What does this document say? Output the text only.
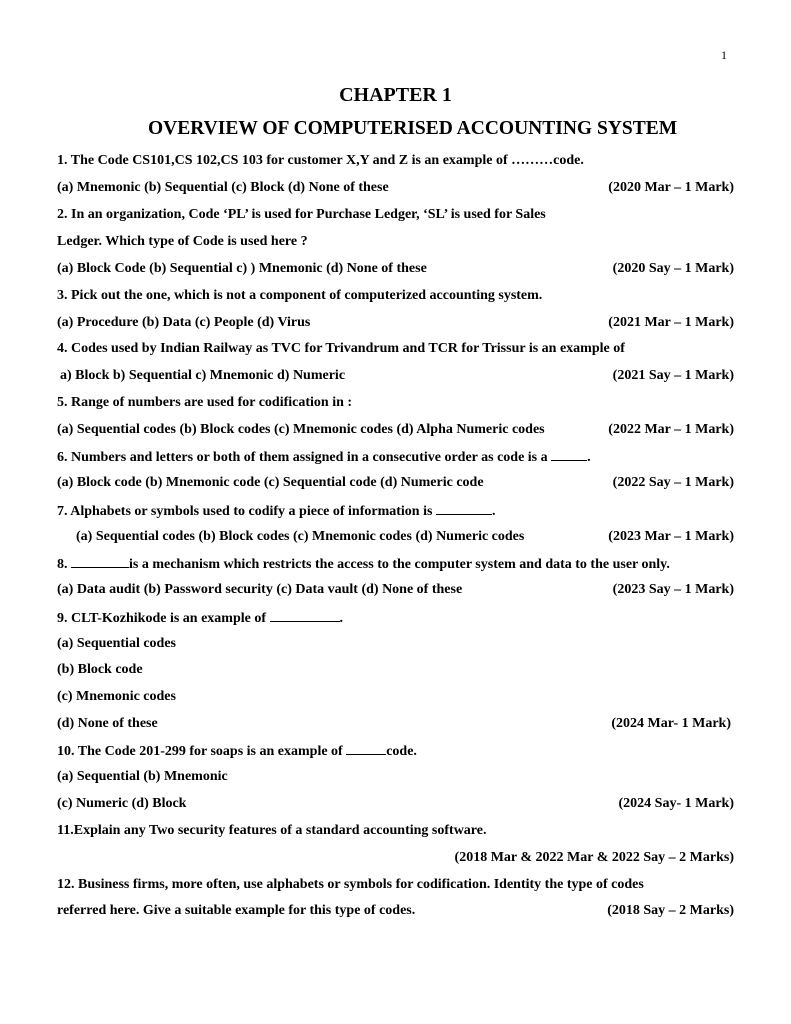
1
CHAPTER 1
OVERVIEW OF COMPUTERISED ACCOUNTING SYSTEM
1. The Code CS101,CS 102,CS 103 for customer X,Y and Z is an example of ………code.
(a) Mnemonic (b) Sequential (c) Block (d) None of these	(2020 Mar – 1 Mark)
2. In an organization, Code ‘PL’ is used for Purchase Ledger, ‘SL’ is used for Sales
Ledger. Which type of Code is used here ?
(a) Block Code (b) Sequential c) ) Mnemonic (d) None of these	(2020 Say – 1 Mark)
3. Pick out the one, which is not a component of computerized accounting system.
(a) Procedure (b) Data (c) People (d) Virus	(2021 Mar – 1 Mark)
4. Codes used by Indian Railway as TVC for Trivandrum and TCR for Trissur is an example of
a) Block b) Sequential c) Mnemonic d) Numeric	(2021 Say – 1 Mark)
5. Range of numbers are used for codification in :
(a) Sequential codes (b) Block codes (c) Mnemonic codes (d) Alpha Numeric codes	(2022 Mar – 1 Mark)
6. Numbers and letters or both of them assigned in a consecutive order as code is a	.
(a) Block code (b) Mnemonic code (c) Sequential code (d) Numeric code	(2022 Say – 1 Mark)
7. Alphabets or symbols used to codify a piece of information is	.
(a) Sequential codes (b) Block codes (c) Mnemonic codes (d) Numeric codes	(2023 Mar – 1 Mark)
8.	is a mechanism which restricts the access to the computer system and data to the user only.
(a) Data audit (b) Password security (c) Data vault (d) None of these	(2023 Say – 1 Mark)
9. CLT-Kozhikode is an example of	.
(a) Sequential codes
(b) Block code
(c) Mnemonic codes
(d) None of these	(2024 Mar- 1 Mark)
10. The Code 201-299 for soaps is an example of	code.
(a) Sequential (b) Mnemonic
(c) Numeric (d) Block	(2024 Say- 1 Mark)
11.Explain any Two security features of a standard accounting software.
(2018 Mar & 2022 Mar & 2022 Say – 2 Marks)
12. Business firms, more often, use alphabets or symbols for codification. Identity the type of codes
referred here. Give a suitable example for this type of codes.	(2018 Say – 2 Marks)
